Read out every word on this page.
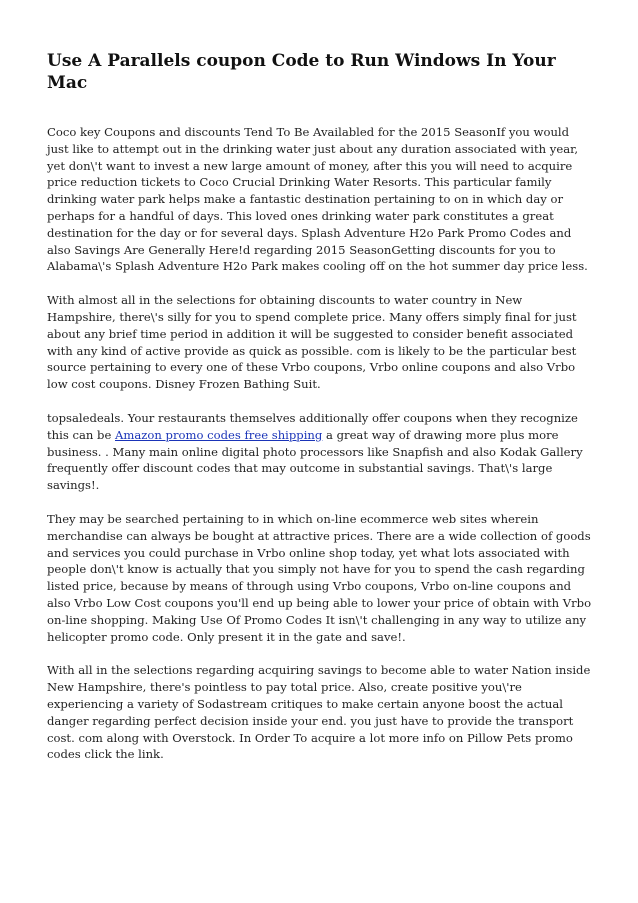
Use A Parallels coupon Code to Run Windows In Your Mac

Coco key Coupons and discounts Tend To Be Availabled for the 2015 SeasonIf you would just like to attempt out in the drinking water just about any duration associated with year, yet don\'t want to invest a new large amount of money, after this you will need to acquire price reduction tickets to Coco Crucial Drinking Water Resorts. This particular family drinking water park helps make a fantastic destination pertaining to on in which day or perhaps for a handful of days. This loved ones drinking water park constitutes a great destination for the day or for several days. Splash Adventure H2o Park Promo Codes and also Savings Are Generally Here!d regarding 2015 SeasonGetting discounts for you to Alabama\'s Splash Adventure H2o Park makes cooling off on the hot summer day price less.

With almost all in the selections for obtaining discounts to water country in New Hampshire, there\'s silly for you to spend complete price. Many offers simply final for just about any brief time period in addition it will be suggested to consider benefit associated with any kind of active provide as quick as possible. com is likely to be the particular best source pertaining to every one of these Vrbo coupons, Vrbo online coupons and also Vrbo low cost coupons. Disney Frozen Bathing Suit.

topsaledeals. Your restaurants themselves additionally offer coupons when they recognize this can be Amazon promo codes free shipping a great way of drawing more plus more business. . Many main online digital photo processors like Snapfish and also Kodak Gallery frequently offer discount codes that may outcome in substantial savings. That\'s large savings!.

They may be searched pertaining to in which on-line ecommerce web sites wherein merchandise can always be bought at attractive prices. There are a wide collection of goods and services you could purchase in Vrbo online shop today, yet what lots associated with people don\'t know is actually that you simply not have for you to spend the cash regarding listed price, because by means of through using Vrbo coupons, Vrbo on-line coupons and also Vrbo Low Cost coupons you'll end up being able to lower your price of obtain with Vrbo on-line shopping. Making Use Of Promo Codes It isn\'t challenging in any way to utilize any helicopter promo code. Only present it in the gate and save!.

With all in the selections regarding acquiring savings to become able to water Nation inside New Hampshire, there's pointless to pay total price. Also, create positive you\'re experiencing a variety of Sodastream critiques to make certain anyone boost the actual danger regarding perfect decision inside your end. you just have to provide the transport cost. com along with Overstock. In Order To acquire a lot more info on Pillow Pets promo codes click the link.
